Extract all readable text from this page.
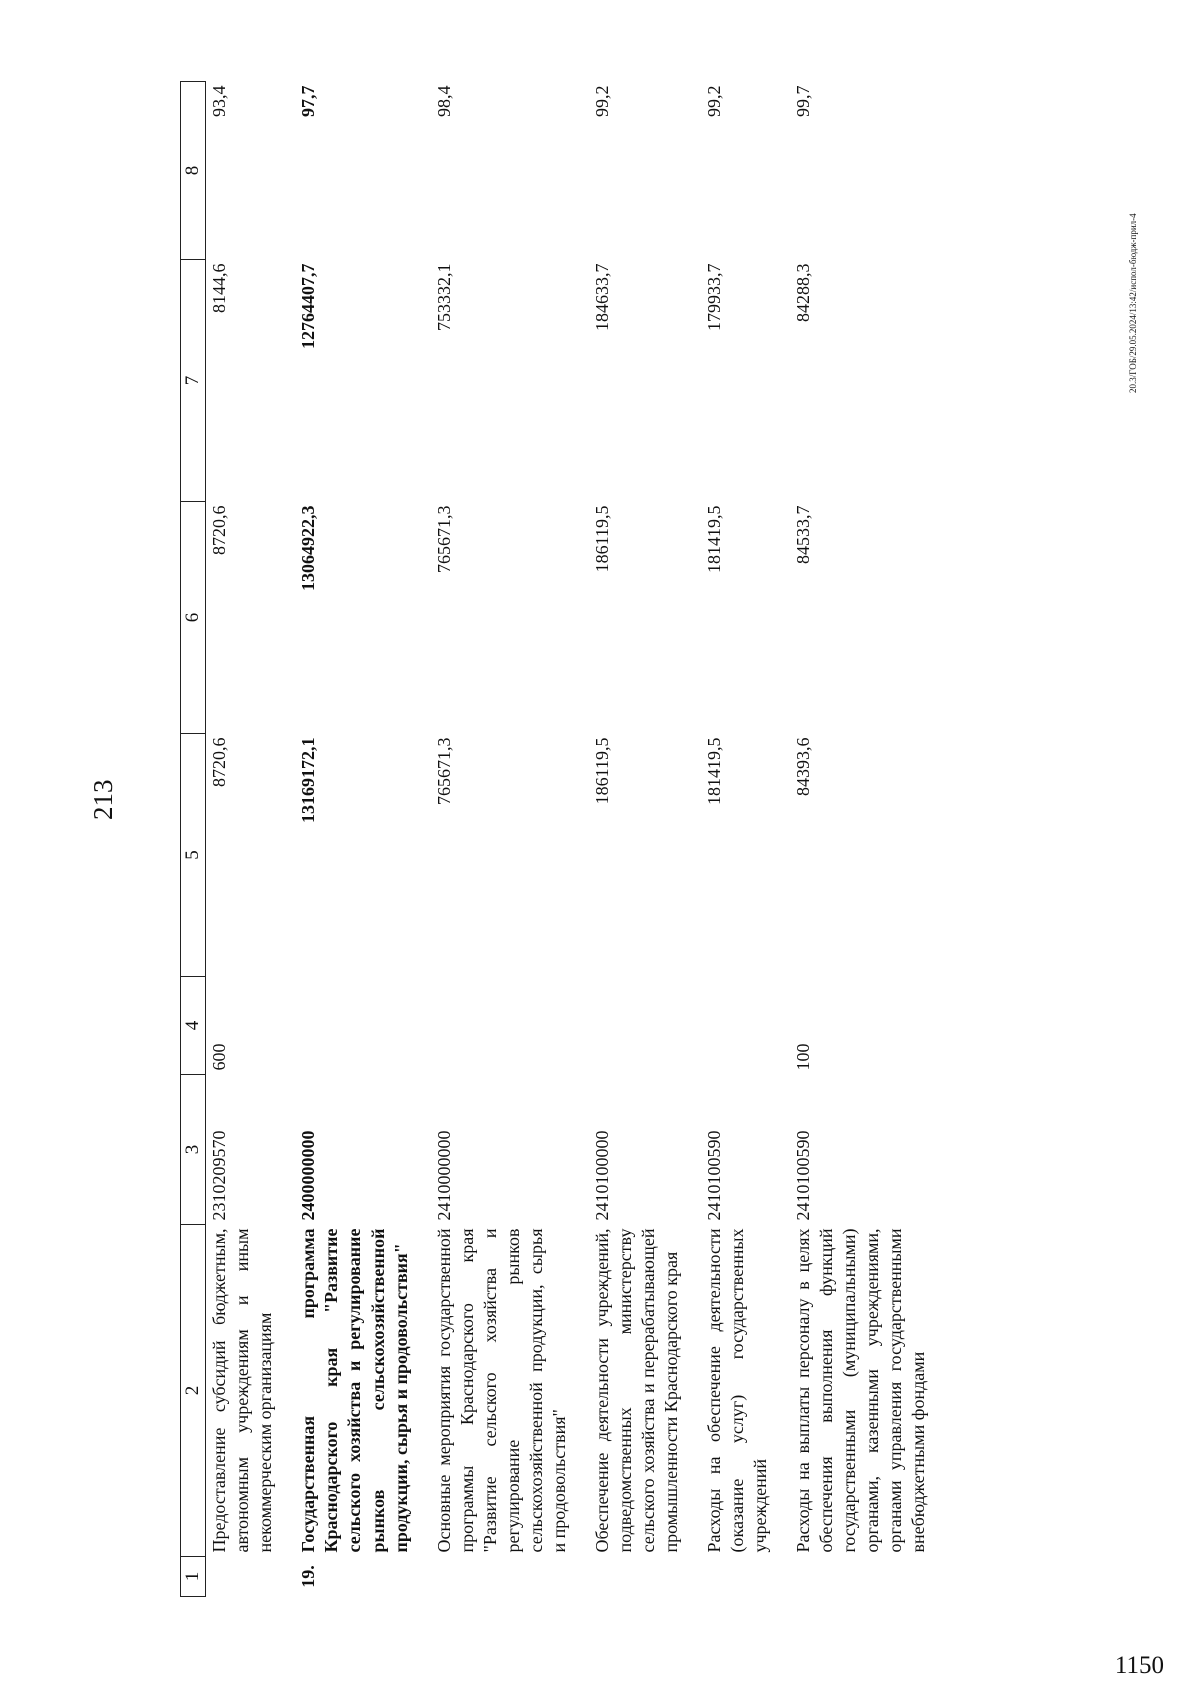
213
1	2	3	4	5	6	7	8
	Предоставление субсидий бюджетным, автономным учреждениям и иным некоммерческим организациям	2310209570	600	8720,6	8720,6	8144,6	93,4
19.	Государственная программа Краснодарского края "Развитие сельского хозяйства и регулирование рынков сельскохозяйственной продукции, сырья и продовольствия"	2400000000		13169172,1	13064922,3	12764407,7	97,7
	Основные мероприятия государственной программы Краснодарского края "Развитие сельского хозяйства и регулирование рынков сельскохозяйственной продукции, сырья и продовольствия"	2410000000		765671,3	765671,3	753332,1	98,4
	Обеспечение деятельности учреждений, подведомственных министерству сельского хозяйства и перерабатывающей промышленности Краснодарского края	2410100000		186119,5	186119,5	184633,7	99,2
	Расходы на обеспечение деятельности (оказание услуг) государственных учреждений	2410100590		181419,5	181419,5	179933,7	99,2
	Расходы на выплаты персоналу в целях обеспечения выполнения функций государственными (муниципальными) органами, казенными учреждениями, органами управления государственными внебюджетными фондами	2410100590	100	84393,6	84533,7	84288,3	99,7
20.3/ГОБ/29.05.2024/13:42/испол-бюдж-прил-4
1150
